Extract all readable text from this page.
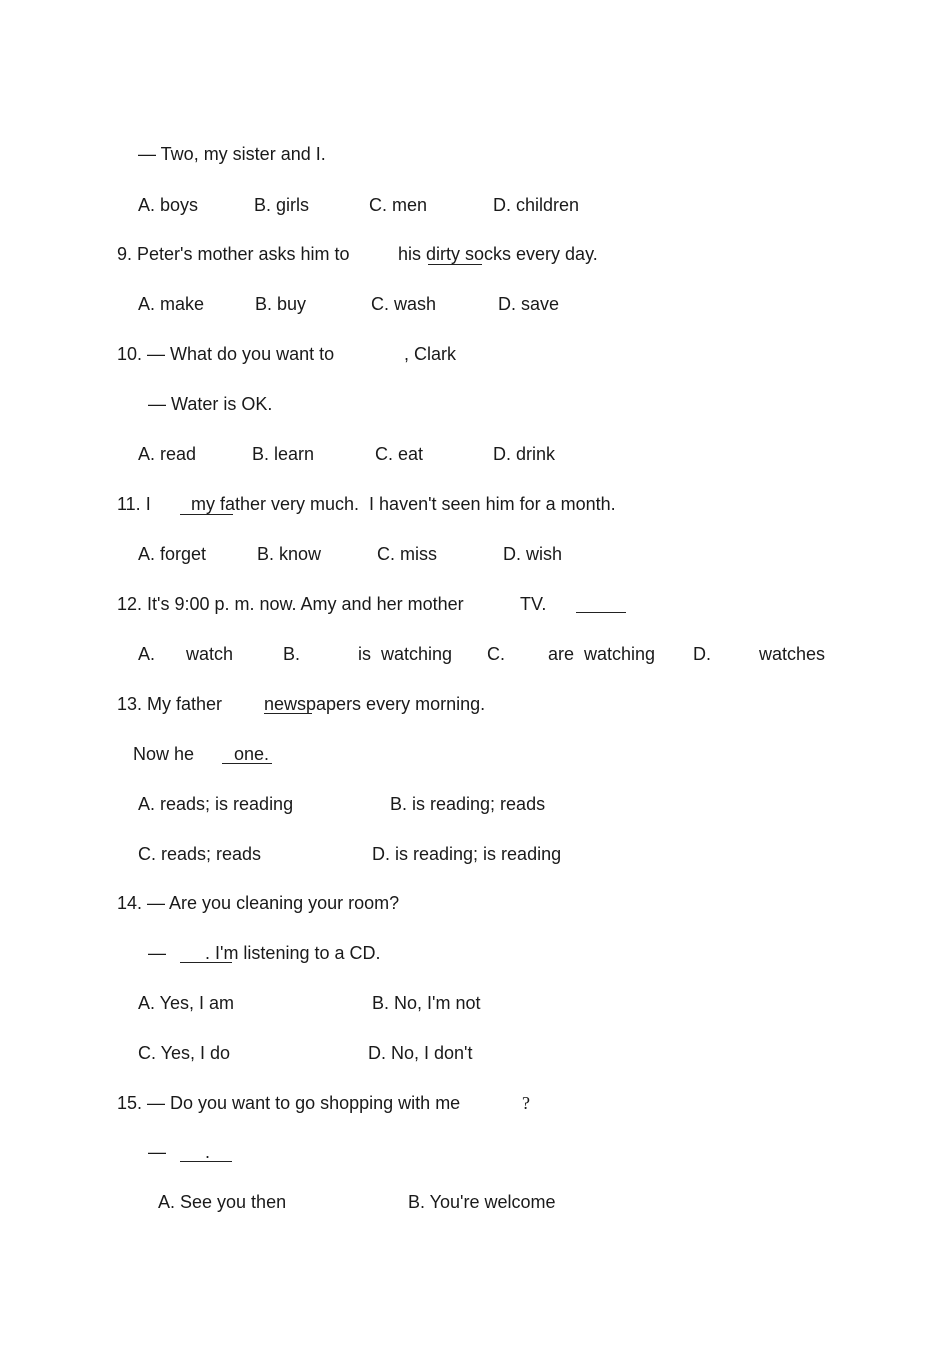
— Two, my sister and I.

A. boys	B. girls	C. men	D. children

9. Peter's mother asks him to	his dirty socks every day.

A. make	B. buy	C. wash	D. save

10. — What do you want to	, Clark

— Water is OK.

A. read	B. learn	C. eat	D. drink

11. I my father very much.  I haven't seen him for a month.

A. forget	B. know	C. miss	D. wish

12. It's 9:00 p. m. now. Amy and her mother	TV.

A. watch	B.	is  watching C. are  watching D.	watches

13. My father newspapers every morning.

Now he one.

A. reads; is reading	B. is reading; reads

C. reads; reads	D. is reading; is reading

14. — Are you cleaning your room?

— . I'm listening to a CD.

A. Yes, I am	B. No, I'm not

C. Yes, I do	D. No, I don't

15. — Do you want to go shopping with me	?

— .

A. See you then	B. You're welcome
